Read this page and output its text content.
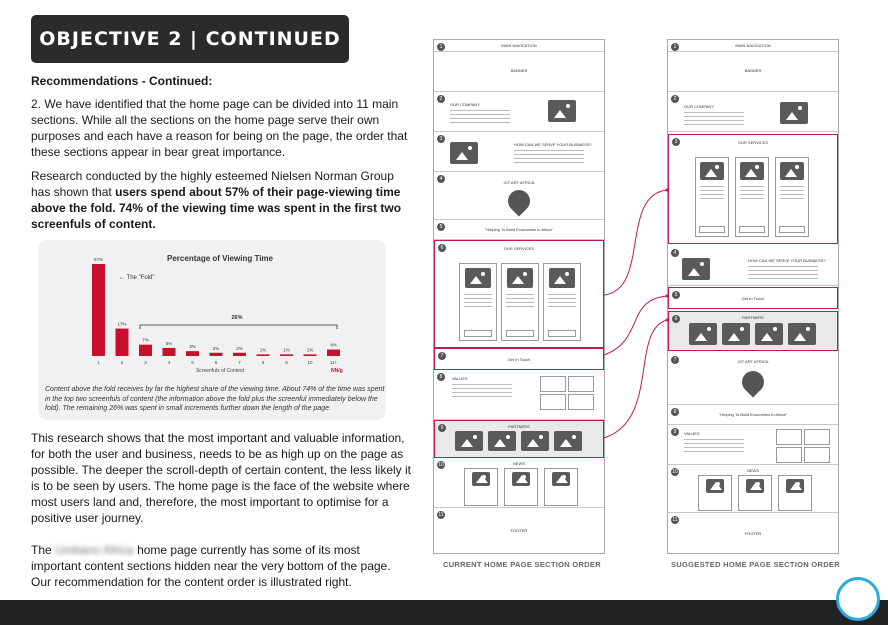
OBJECTIVE 2 | CONTINUED
Recommendations - Continued:
2. We have identified that the home page can be divided into 11 main sections. While all the sections on the home page serve their own purposes and each have a reason for being on the page, the order that these sections appear in bear great importance.
Research conducted by the highly esteemed Nielsen Norman Group has shown that users spend about 57% of their page-viewing time above the fold. 74% of the viewing time was spent in the first two screenfuls of content.
Percentage of Viewing Time
57%
1
17%
2
7%
3
5%
4
3%
5
2%
6
2%
7
1%
8
1%
9
1%
10
4%
11+
← The "Fold"
26%
Screenfuls of Content	NN/g
Content above the fold receives by far the highest share of the viewing time. About 74% of the time was spent in the top two screenfuls of content (the information above the fold plus the screenful immediately below the fold). The remaining 26% was spent in small increments further down the length of the page.
This research shows that the most important and valuable information, for both the user and business, needs to be as high up on the page as possible. The deeper the scroll-depth of certain content, the less likely it is to be seen by users. The home page is the face of the website where most users land and, therefore, the most important to optimise for a positive user journey.
The Umbano Africa home page currently has some of its most important content sections hidden near the very bottom of the page. Our recommendation for the content order is illustrated right.
1	MAIN NAVIGATION
BANNER
2
OUR COMPANY
3
HOW CAN WE SERVE YOUR BUSINESS?
4
IOT ART AFRICA
5	"Helping To Build Economies In Africa"
6	OUR SERVICES
7
Get In Touch
8	VALUES
9	PARTNERS
10	NEWS
11
FOOTER
CURRENT HOME PAGE SECTION ORDER
1	MAIN NAVIGATION
BANNER
2
OUR COMPANY
3	OUR SERVICES
4
HOW CAN WE SERVE YOUR BUSINESS?
5
Get In Touch
6	PARTNERS
7	IOT ART AFRICA
8	"Helping To Build Economies In Africa"
9	VALUES
10	NEWS
11
FOOTER
SUGGESTED HOME PAGE SECTION ORDER
